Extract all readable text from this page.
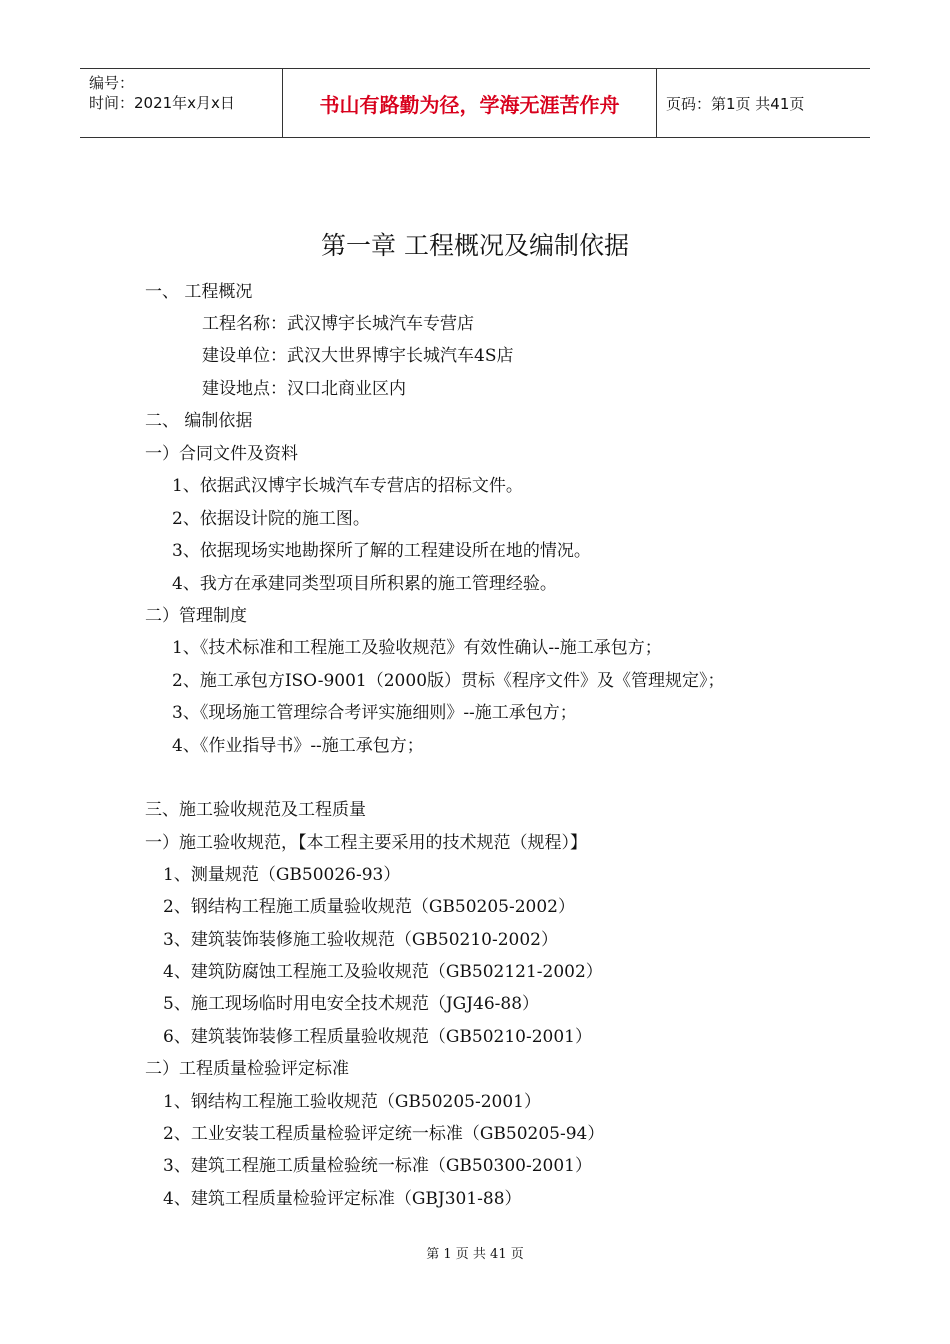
编号：
时间：2021年x月x日	书山有路勤为径，学海无涯苦作舟	页码：第1页 共41页
第一章 工程概况及编制依据
一、 工程概况
工程名称：武汉博宇长城汽车专营店
建设单位：武汉大世界博宇长城汽车4S店
建设地点：汉口北商业区内
二、 编制依据
一）合同文件及资料
1、依据武汉博宇长城汽车专营店的招标文件。
2、依据设计院的施工图。
3、依据现场实地勘探所了解的工程建设所在地的情况。
4、我方在承建同类型项目所积累的施工管理经验。
二）管理制度
1、《技术标准和工程施工及验收规范》有效性确认--施工承包方；
2、施工承包方ISO-9001（2000版）贯标《程序文件》及《管理规定》；
3、《现场施工管理综合考评实施细则》--施工承包方；
4、《作业指导书》--施工承包方；
三、施工验收规范及工程质量
一）施工验收规范，【本工程主要采用的技术规范（规程）】
1、测量规范（GB50026-93）
2、钢结构工程施工质量验收规范（GB50205-2002）
3、建筑装饰装修施工验收规范（GB50210-2002）
4、建筑防腐蚀工程施工及验收规范（GB502121-2002）
5、施工现场临时用电安全技术规范（JGJ46-88）
6、建筑装饰装修工程质量验收规范（GB50210-2001）
二）工程质量检验评定标准
1、钢结构工程施工验收规范（GB50205-2001）
2、工业安装工程质量检验评定统一标准（GB50205-94）
3、建筑工程施工质量检验统一标准（GB50300-2001）
4、建筑工程质量检验评定标准（GBJ301-88）
第 1 页 共 41 页
